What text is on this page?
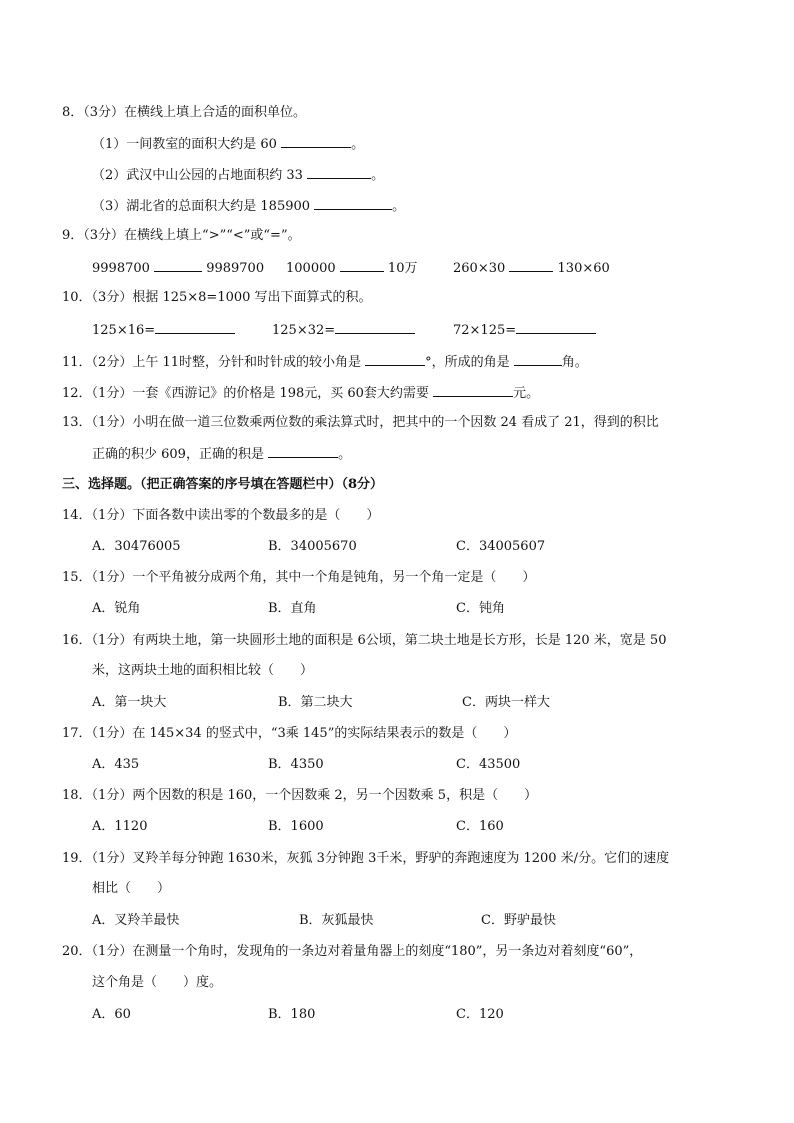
8．（3分）在横线上填上合适的面积单位。
（1）一间教室的面积大约是 60	。
（2）武汉中山公园的占地面积约 33	。
（3）湖北省的总面积大约是 185900	。
9．（3分）在横线上填上“>”“<”或“=”。
9998700	9989700 100000	10万	260×30	130×60
10．（3分）根据 125×8=1000 写出下面算式的积。
125×16=	125×32=	72×125=
11．（2分）上午 11时整，分针和时针成的较小角是	°，所成的角是	角。
12．（1分）一套《西游记》的价格是 198元，买 60套大约需要	元。
13．（1分）小明在做一道三位数乘两位数的乘法算式时，把其中的一个因数 24 看成了 21，得到的积比
正确的积少 609，正确的积是	。
三、选择题。（把正确答案的序号填在答题栏中）（8分）
14．（1分）下面各数中读出零的个数最多的是（　　）
A．30476005	B．34005670	C．34005607
15．（1分）一个平角被分成两个角，其中一个角是钝角，另一个角一定是（　　）
A．锐角	B．直角	C．钝角
16．（1分）有两块土地，第一块圆形土地的面积是 6公顷，第二块土地是长方形，长是 120 米，宽是 50
米，这两块土地的面积相比较（　　）
A．第一块大	B．第二块大	C．两块一样大
17．（1分）在 145×34 的竖式中，“3乘 145”的实际结果表示的数是（　　）
A．435	B．4350	C．43500
18．（1分）两个因数的积是 160，一个因数乘 2，另一个因数乘 5，积是（　　）
A．1120	B．1600	C．160
19．（1分）叉羚羊每分钟跑 1630米，灰狐 3分钟跑 3千米，野驴的奔跑速度为 1200 米/分。它们的速度
相比（　　）
A．叉羚羊最快	B．灰狐最快	C．野驴最快
20．（1分）在测量一个角时，发现角的一条边对着量角器上的刻度“180”，另一条边对着刻度“60”，
这个角是（　　）度。
A．60	B．180	C．120
